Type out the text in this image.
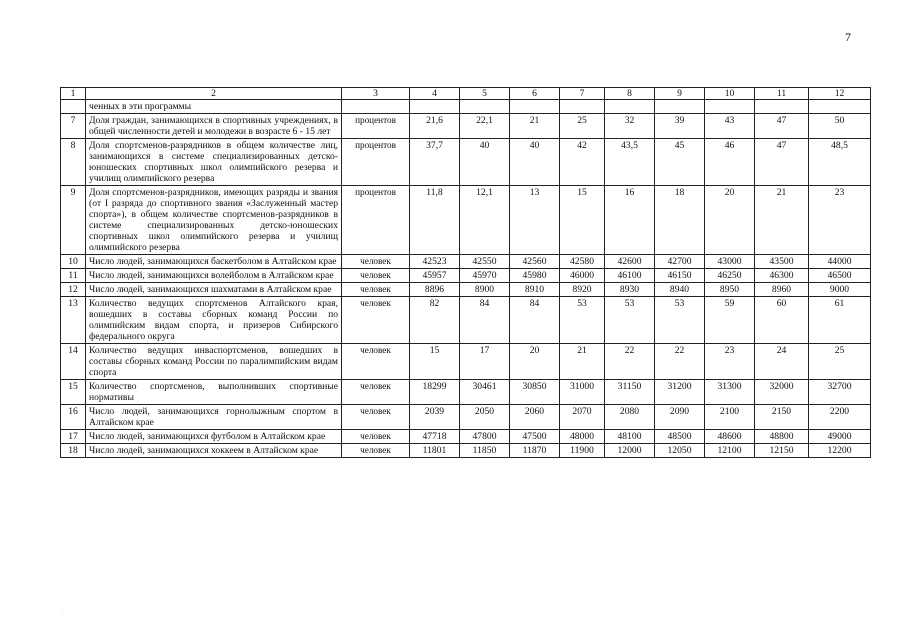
7
1	2	3	4	5	6	7	8	9	10	11	12
	ченных в эти программы										
7	Доля граждан, занимающихся в спортивных учреждениях, в общей численности детей и молодежи в возрасте 6 - 15 лет	процентов	21,6	22,1	21	25	32	39	43	47	50
8	Доля спортсменов-разрядников в общем количестве лиц, занимающихся в системе специализированных детско-юношеских спортивных школ олимпийского резерва и училищ олимпийского резерва	процентов	37,7	40	40	42	43,5	45	46	47	48,5
9	Доля спортсменов-разрядников, имеющих разряды и звания (от I разряда до спортивного звания «Заслуженный мастер спорта»), в общем количестве спортсменов-разрядников в системе специализированных детско-юношеских спортивных школ олимпийского резерва и училищ олимпийского резерва	процентов	11,8	12,1	13	15	16	18	20	21	23
10	Число людей, занимающихся баскетболом в Алтайском крае	человек	42523	42550	42560	42580	42600	42700	43000	43500	44000
11	Число людей, занимающихся волейболом в Алтайском крае	человек	45957	45970	45980	46000	46100	46150	46250	46300	46500
12	Число людей, занимающихся шахматами в Алтайском крае	человек	8896	8900	8910	8920	8930	8940	8950	8960	9000
13	Количество ведущих спортсменов Алтайского края, вошедших в составы сборных команд России по олимпийским видам спорта, и призеров Сибирского федерального округа	человек	82	84	84	53	53	53	59	60	61
14	Количество ведущих инваспортсменов, вошедших в составы сборных команд России по паралимпийским видам спорта	человек	15	17	20	21	22	22	23	24	25
15	Количество спортсменов, выполнивших спортивные нормативы	человек	18299	30461	30850	31000	31150	31200	31300	32000	32700
16	Число людей, занимающихся горнолыжным спортом в Алтайском крае	человек	2039	2050	2060	2070	2080	2090	2100	2150	2200
17	Число людей, занимающихся футболом в Алтайском крае	человек	47718	47800	47500	48000	48100	48500	48600	48800	49000
18	Число людей, занимающихся хоккеем в Алтайском крае	человек	11801	11850	11870	11900	12000	12050	12100	12150	12200
.
